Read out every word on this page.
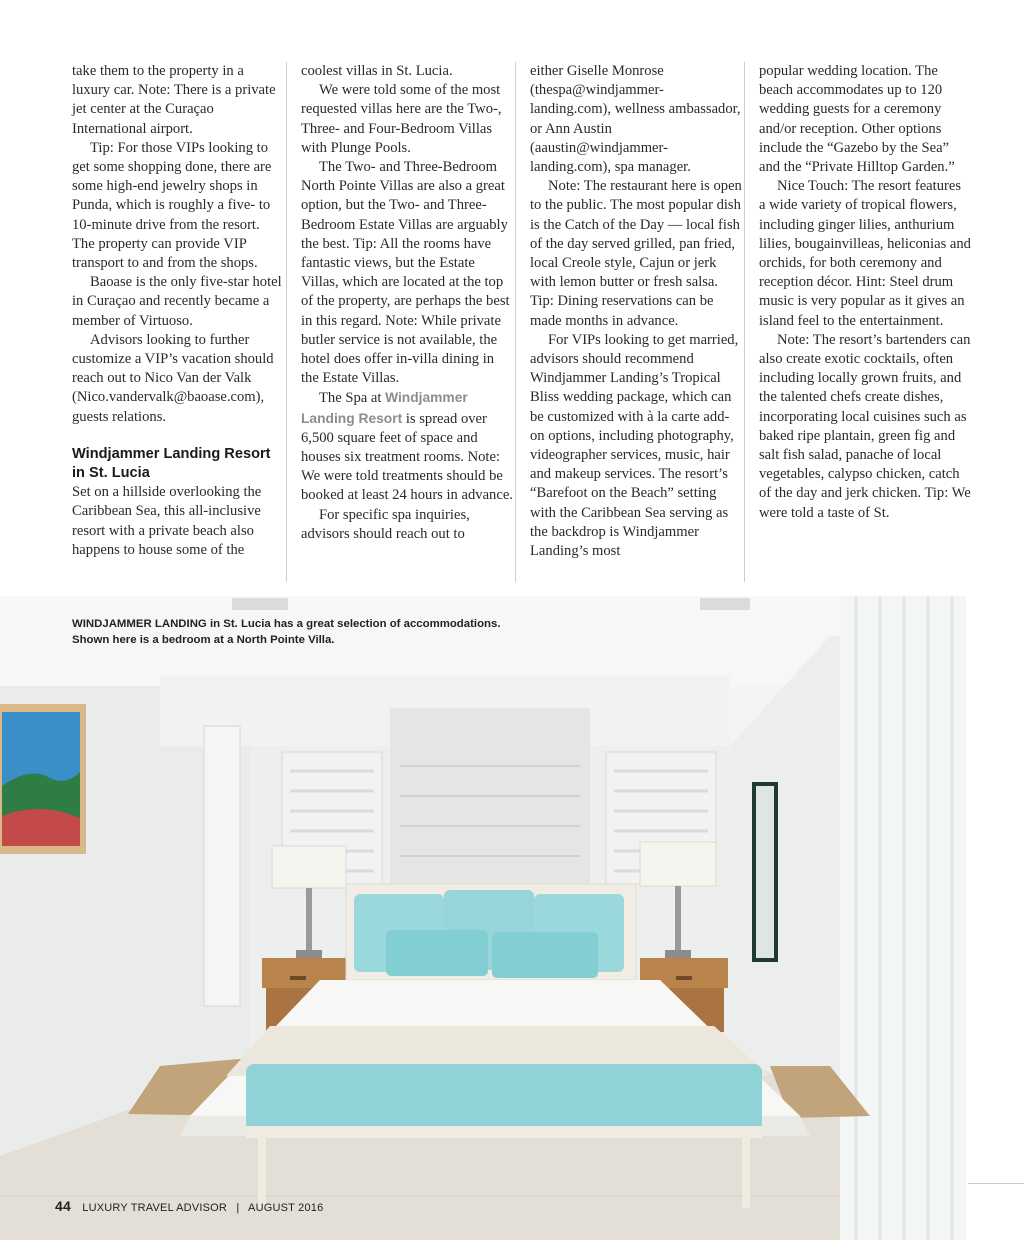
take them to the property in a luxury car. Note: There is a private jet center at the Curaçao International airport.

Tip: For those VIPs looking to get some shopping done, there are some high-end jewelry shops in Punda, which is roughly a five- to 10-minute drive from the resort. The property can provide VIP transport to and from the shops.

Baoase is the only five-star hotel in Curaçao and recently became a member of Virtuoso.

Advisors looking to further customize a VIP’s vacation should reach out to Nico Van der Valk (Nico.vandervalk@baoase.com), guests relations.

Windjammer Landing Resort in St. Lucia

Set on a hillside overlooking the Caribbean Sea, this all-inclusive resort with a private beach also happens to house some of the

coolest villas in St. Lucia.

We were told some of the most requested villas here are the Two-, Three- and Four-Bedroom Villas with Plunge Pools.

The Two- and Three-Bedroom North Pointe Villas are also a great option, but the Two- and Three-Bedroom Estate Villas are arguably the best. Tip: All the rooms have fantastic views, but the Estate Villas, which are located at the top of the property, are perhaps the best in this regard. Note: While private butler service is not available, the hotel does offer in-villa dining in the Estate Villas.

The Spa at Windjammer Landing Resort is spread over 6,500 square feet of space and houses six treatment rooms. Note: We were told treatments should be booked at least 24 hours in advance.

For specific spa inquiries, advisors should reach out to

either Giselle Monrose (thespa@windjammer-landing.com), wellness ambassador, or Ann Austin (aaustin@windjammer-landing.com), spa manager.

Note: The restaurant here is open to the public. The most popular dish is the Catch of the Day — local fish of the day served grilled, pan fried, local Creole style, Cajun or jerk with lemon butter or fresh salsa. Tip: Dining reservations can be made months in advance.

For VIPs looking to get married, advisors should recommend Windjammer Landing’s Tropical Bliss wedding package, which can be customized with à la carte add-on options, including photography, videographer services, music, hair and makeup services. The resort’s “Barefoot on the Beach” setting with the Caribbean Sea serving as the backdrop is Windjammer Landing’s most

popular wedding location. The beach accommodates up to 120 wedding guests for a ceremony and/or reception. Other options include the “Gazebo by the Sea” and the “Private Hilltop Garden.”

Nice Touch: The resort features a wide variety of tropical flowers, including ginger lilies, anthurium lilies, bougainvilleas, heliconias and orchids, for both ceremony and reception décor. Hint: Steel drum music is very popular as it gives an island feel to the entertainment.

Note: The resort’s bartenders can also create exotic cocktails, often including locally grown fruits, and the talented chefs create dishes, incorporating local cuisines such as baked ripe plantain, green fig and salt fish salad, panache of local vegetables, calypso chicken, catch of the day and jerk chicken. Tip: We were told a taste of St.

WINDJAMMER LANDING in St. Lucia has a great selection of accommodations.
Shown here is a bedroom at a North Pointe Villa.
44 LUXURY TRAVEL ADVISOR | AUGUST 2016
